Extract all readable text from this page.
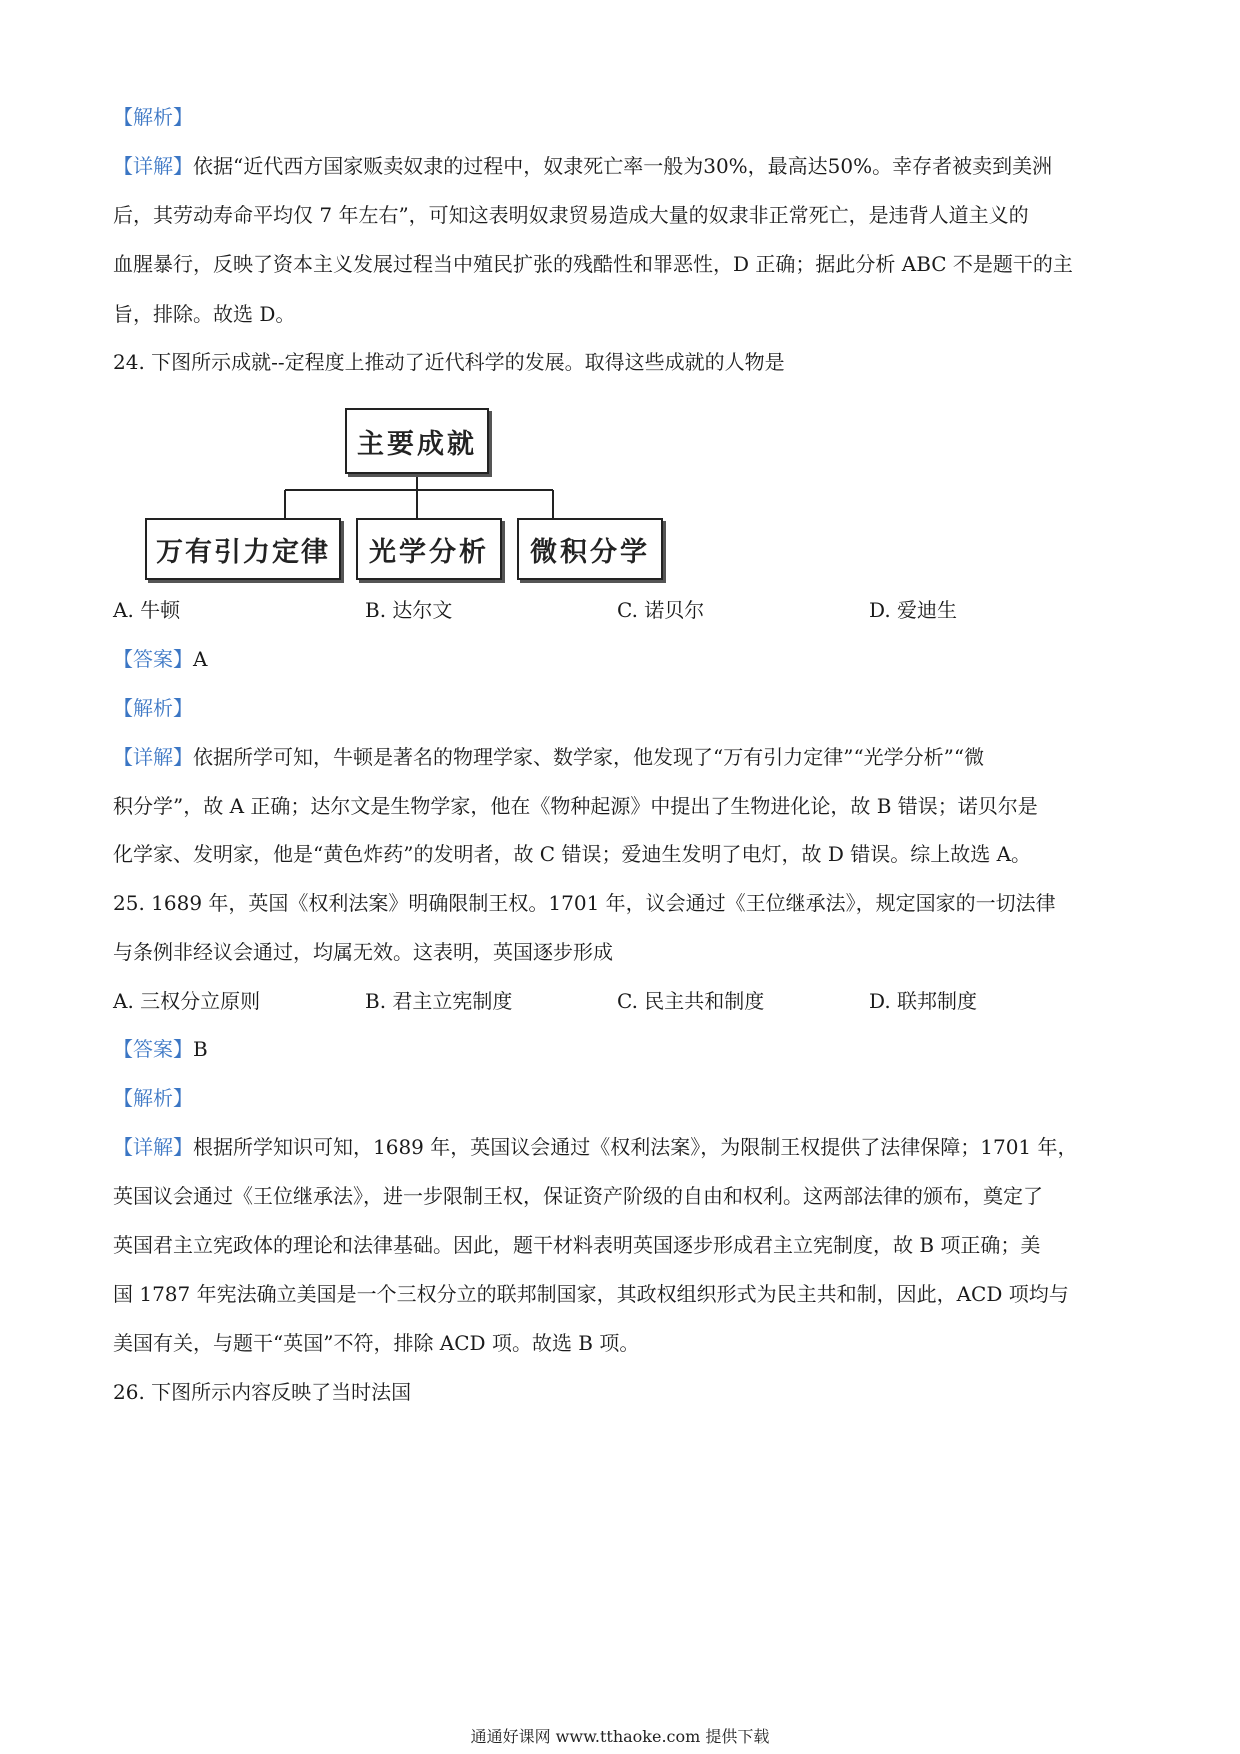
【解析】
【详解】依据“近代西方国家贩卖奴隶的过程中，奴隶死亡率一般为30%，最高达50%。幸存者被卖到美洲
后，其劳动寿命平均仅 7 年左右”，可知这表明奴隶贸易造成大量的奴隶非正常死亡，是违背人道主义的
血腥暴行，反映了资本主义发展过程当中殖民扩张的残酷性和罪恶性，D 正确；据此分析 ABC 不是题干的主
旨，排除。故选 D。
24. 下图所示成就--定程度上推动了近代科学的发展。取得这些成就的人物是
主要成就
万有引力定律	光学分析	微积分学
A. 牛顿	B. 达尔文	C. 诺贝尔	D. 爱迪生
【答案】A
【解析】
【详解】依据所学可知，牛顿是著名的物理学家、数学家，他发现了“万有引力定律”“光学分析”“微
积分学”，故 A 正确；达尔文是生物学家，他在《物种起源》中提出了生物进化论，故 B 错误；诺贝尔是
化学家、发明家，他是“黄色炸药”的发明者，故 C 错误；爱迪生发明了电灯，故 D 错误。综上故选 A。
25. 1689 年，英国《权利法案》明确限制王权。1701 年，议会通过《王位继承法》，规定国家的一切法律
与条例非经议会通过，均属无效。这表明，英国逐步形成
A. 三权分立原则	B. 君主立宪制度	C. 民主共和制度	D. 联邦制度
【答案】B
【解析】
【详解】根据所学知识可知，1689 年，英国议会通过《权利法案》，为限制王权提供了法律保障；1701 年，
英国议会通过《王位继承法》，进一步限制王权，保证资产阶级的自由和权利。这两部法律的颁布，奠定了
英国君主立宪政体的理论和法律基础。因此，题干材料表明英国逐步形成君主立宪制度，故 B 项正确；美
国 1787 年宪法确立美国是一个三权分立的联邦制国家，其政权组织形式为民主共和制，因此，ACD 项均与
美国有关，与题干“英国”不符，排除 ACD 项。故选 B 项。
26. 下图所示内容反映了当时法国
通通好课网 www.tthaoke.com 提供下载
